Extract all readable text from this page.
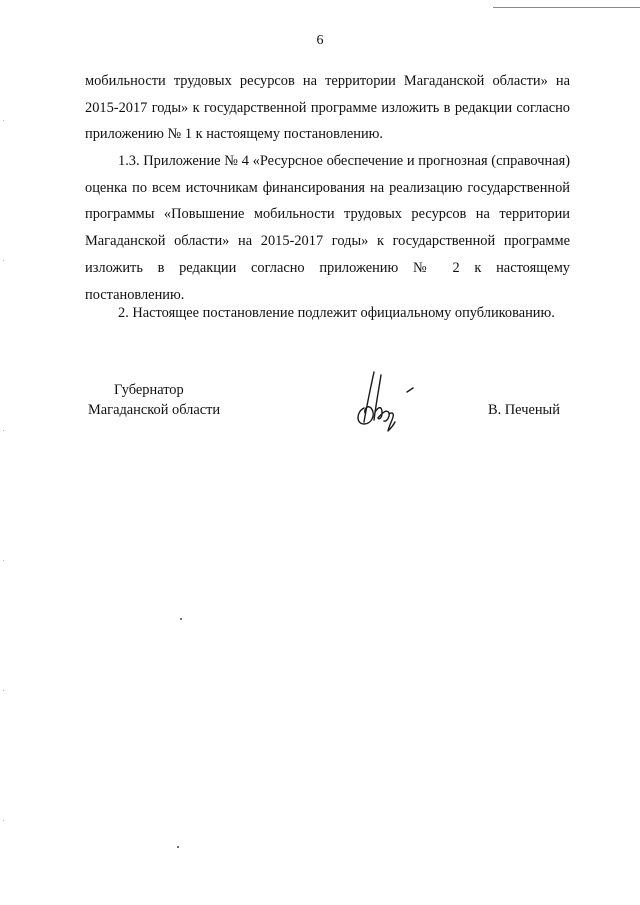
6

мобильности трудовых ресурсов на территории Магаданской области» на 2015-2017 годы» к государственной программе изложить в редакции согласно приложению № 1 к настоящему постановлению.

1.3. Приложение № 4 «Ресурсное обеспечение и прогнозная (справочная) оценка по всем источникам финансирования на реализацию государственной программы «Повышение мобильности трудовых ресурсов на территории Магаданской области» на 2015-2017 годы» к государственной программе изложить в редакции согласно приложению № 2 к настоящему постановлению.

2. Настоящее постановление подлежит официальному опубликованию.

Губернатор
Магаданской области	В. Печеный
